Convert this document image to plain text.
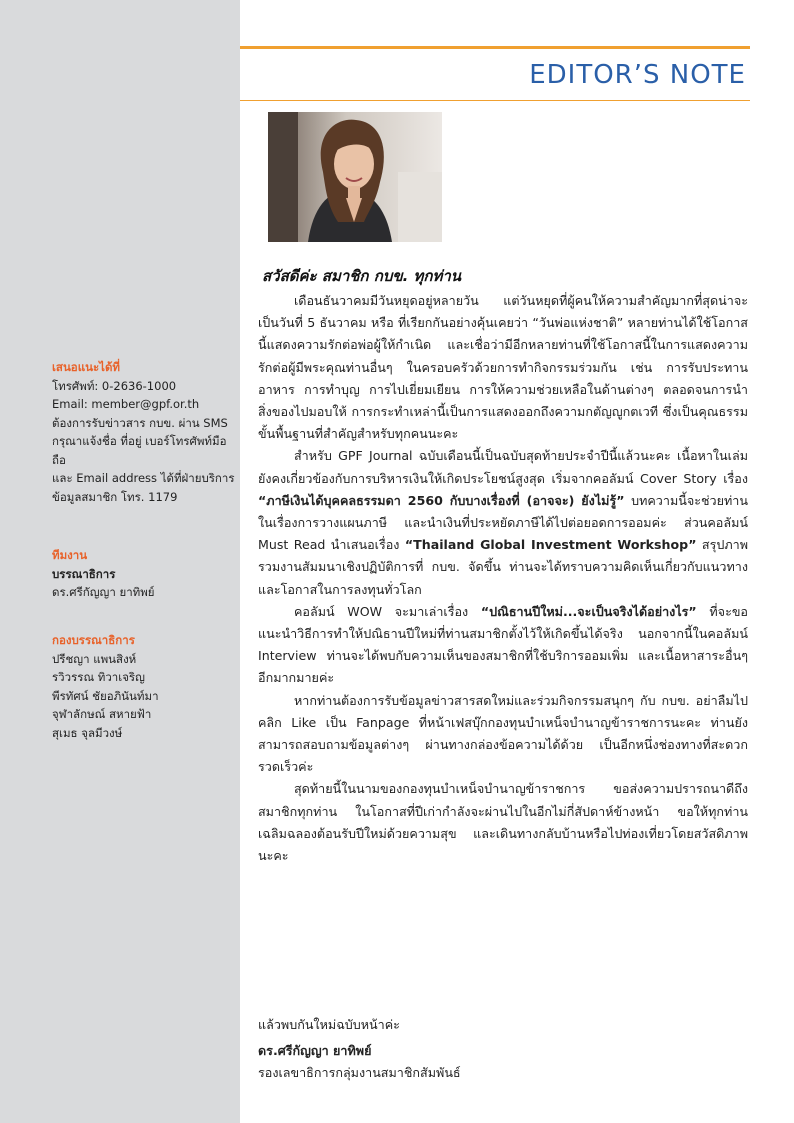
เสนอแนะได้ที่
โทรศัพท์: 0-2636-1000
Email: member@gpf.or.th
ต้องการรับข่าวสาร กบข. ผ่าน SMS
กรุณาแจ้งชื่อ ที่อยู่ เบอร์โทรศัพท์มือถือ
และ Email address ได้ที่ฝ่ายบริการ
ข้อมูลสมาชิก โทร. 1179
ทีมงาน
บรรณาธิการ
ดร.ศรีกัญญา ยาทิพย์
กองบรรณาธิการ
ปรีชญา แพนสิงห์
รวิวรรณ ทิวาเจริญ
พีรทัศน์ ชัยอภินันท์มา
จุฬาลักษณ์ สหายฟ้า
สุเมธ จุลมีวงษ์
EDITOR’S NOTE
สวัสดีค่ะ สมาชิก กบข. ทุกท่าน

เดือนธันวาคมมีวันหยุดอยู่หลายวัน แต่วันหยุดที่ผู้คนให้ความสำคัญมากที่สุดน่าจะเป็นวันที่ 5 ธันวาคม หรือ ที่เรียกกันอย่างคุ้นเคยว่า “วันพ่อแห่งชาติ” หลายท่านได้ใช้โอกาสนี้แสดงความรักต่อพ่อผู้ให้กำเนิด และเชื่อว่ามีอีกหลายท่านที่ใช้โอกาสนี้ในการแสดงความรักต่อผู้มีพระคุณท่านอื่นๆ ในครอบครัวด้วยการทำกิจกรรมร่วมกัน เช่น การรับประทานอาหาร การทำบุญ การไปเยี่ยมเยียน การให้ความช่วยเหลือในด้านต่างๆ ตลอดจนการนำสิ่งของไปมอบให้ การกระทำเหล่านี้เป็นการแสดงออกถึงความกตัญญูกตเวที ซึ่งเป็นคุณธรรมขั้นพื้นฐานที่สำคัญสำหรับทุกคนนะคะ

สำหรับ GPF Journal ฉบับเดือนนี้เป็นฉบับสุดท้ายประจำปีนี้แล้วนะคะ เนื้อหาในเล่มยังคงเกี่ยวข้องกับการบริหารเงินให้เกิดประโยชน์สูงสุด เริ่มจากคอลัมน์ Cover Story เรื่อง “ภาษีเงินได้บุคคลธรรมดา 2560 กับบางเรื่องที่ (อาจจะ) ยังไม่รู้” บทความนี้จะช่วยท่านในเรื่องการวางแผนภาษี และนำเงินที่ประหยัดภาษีได้ไปต่อยอดการออมค่ะ ส่วนคอลัมน์ Must Read นำเสนอเรื่อง “Thailand Global Investment Workshop” สรุปภาพรวมงานสัมมนาเชิงปฏิบัติการที่ กบข. จัดขึ้น ท่านจะได้ทราบความคิดเห็นเกี่ยวกับแนวทางและโอกาสในการลงทุนทั่วโลก

คอลัมน์ WOW จะมาเล่าเรื่อง “ปณิธานปีใหม่...จะเป็นจริงได้อย่างไร” ที่จะขอแนะนำวิธีการทำให้ปณิธานปีใหม่ที่ท่านสมาชิกตั้งไว้ให้เกิดขึ้นได้จริง นอกจากนี้ในคอลัมน์ Interview ท่านจะได้พบกับความเห็นของสมาชิกที่ใช้บริการออมเพิ่ม และเนื้อหาสาระอื่นๆ อีกมากมายค่ะ

หากท่านต้องการรับข้อมูลข่าวสารสดใหม่และร่วมกิจกรรมสนุกๆ กับ กบข. อย่าลืมไปคลิก Like เป็น Fanpage ที่หน้าเฟสบุ๊กกองทุนบำเหน็จบำนาญข้าราชการนะคะ ท่านยังสามารถสอบถามข้อมูลต่างๆ ผ่านทางกล่องข้อความได้ด้วย เป็นอีกหนึ่งช่องทางที่สะดวกรวดเร็วค่ะ

สุดท้ายนี้ในนามของกองทุนบำเหน็จบำนาญข้าราชการ ขอส่งความปรารถนาดีถึงสมาชิกทุกท่าน ในโอกาสที่ปีเก่ากำลังจะผ่านไปในอีกไม่กี่สัปดาห์ข้างหน้า ขอให้ทุกท่านเฉลิมฉลองต้อนรับปีใหม่ด้วยความสุข และเดินทางกลับบ้านหรือไปท่องเที่ยวโดยสวัสดิภาพนะคะ

แล้วพบกันใหม่ฉบับหน้าค่ะ
ดร.ศรีกัญญา ยาทิพย์
รองเลขาธิการกลุ่มงานสมาชิกสัมพันธ์
